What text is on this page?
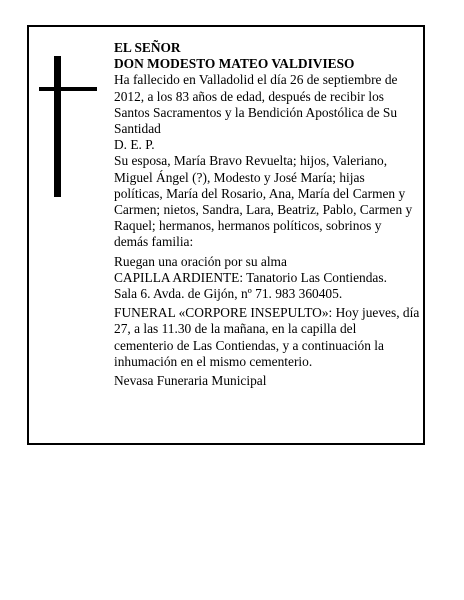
EL SEÑOR
DON MODESTO MATEO VALDIVIESO
Ha fallecido en Valladolid el día 26 de septiembre de
2012, a los 83 años de edad, después de recibir los
Santos Sacramentos y la Bendición Apostólica de Su
Santidad
D. E. P.
Su esposa, María Bravo Revuelta; hijos, Valeriano,
Miguel Ángel (?), Modesto y José María; hijas
políticas, María del Rosario, Ana, María del Carmen y
Carmen; nietos, Sandra, Lara, Beatriz, Pablo, Carmen y
Raquel; hermanos, hermanos políticos, sobrinos y
demás familia:
Ruegan una oración por su alma
CAPILLA ARDIENTE: Tanatorio Las Contiendas.
Sala 6. Avda. de Gijón, nº 71. 983 360405.
FUNERAL «CORPORE INSEPULTO»: Hoy jueves, día
27, a las 11.30 de la mañana, en la capilla del
cementerio de Las Contiendas, y a continuación la
inhumación en el mismo cementerio.
Nevasa Funeraria Municipal
